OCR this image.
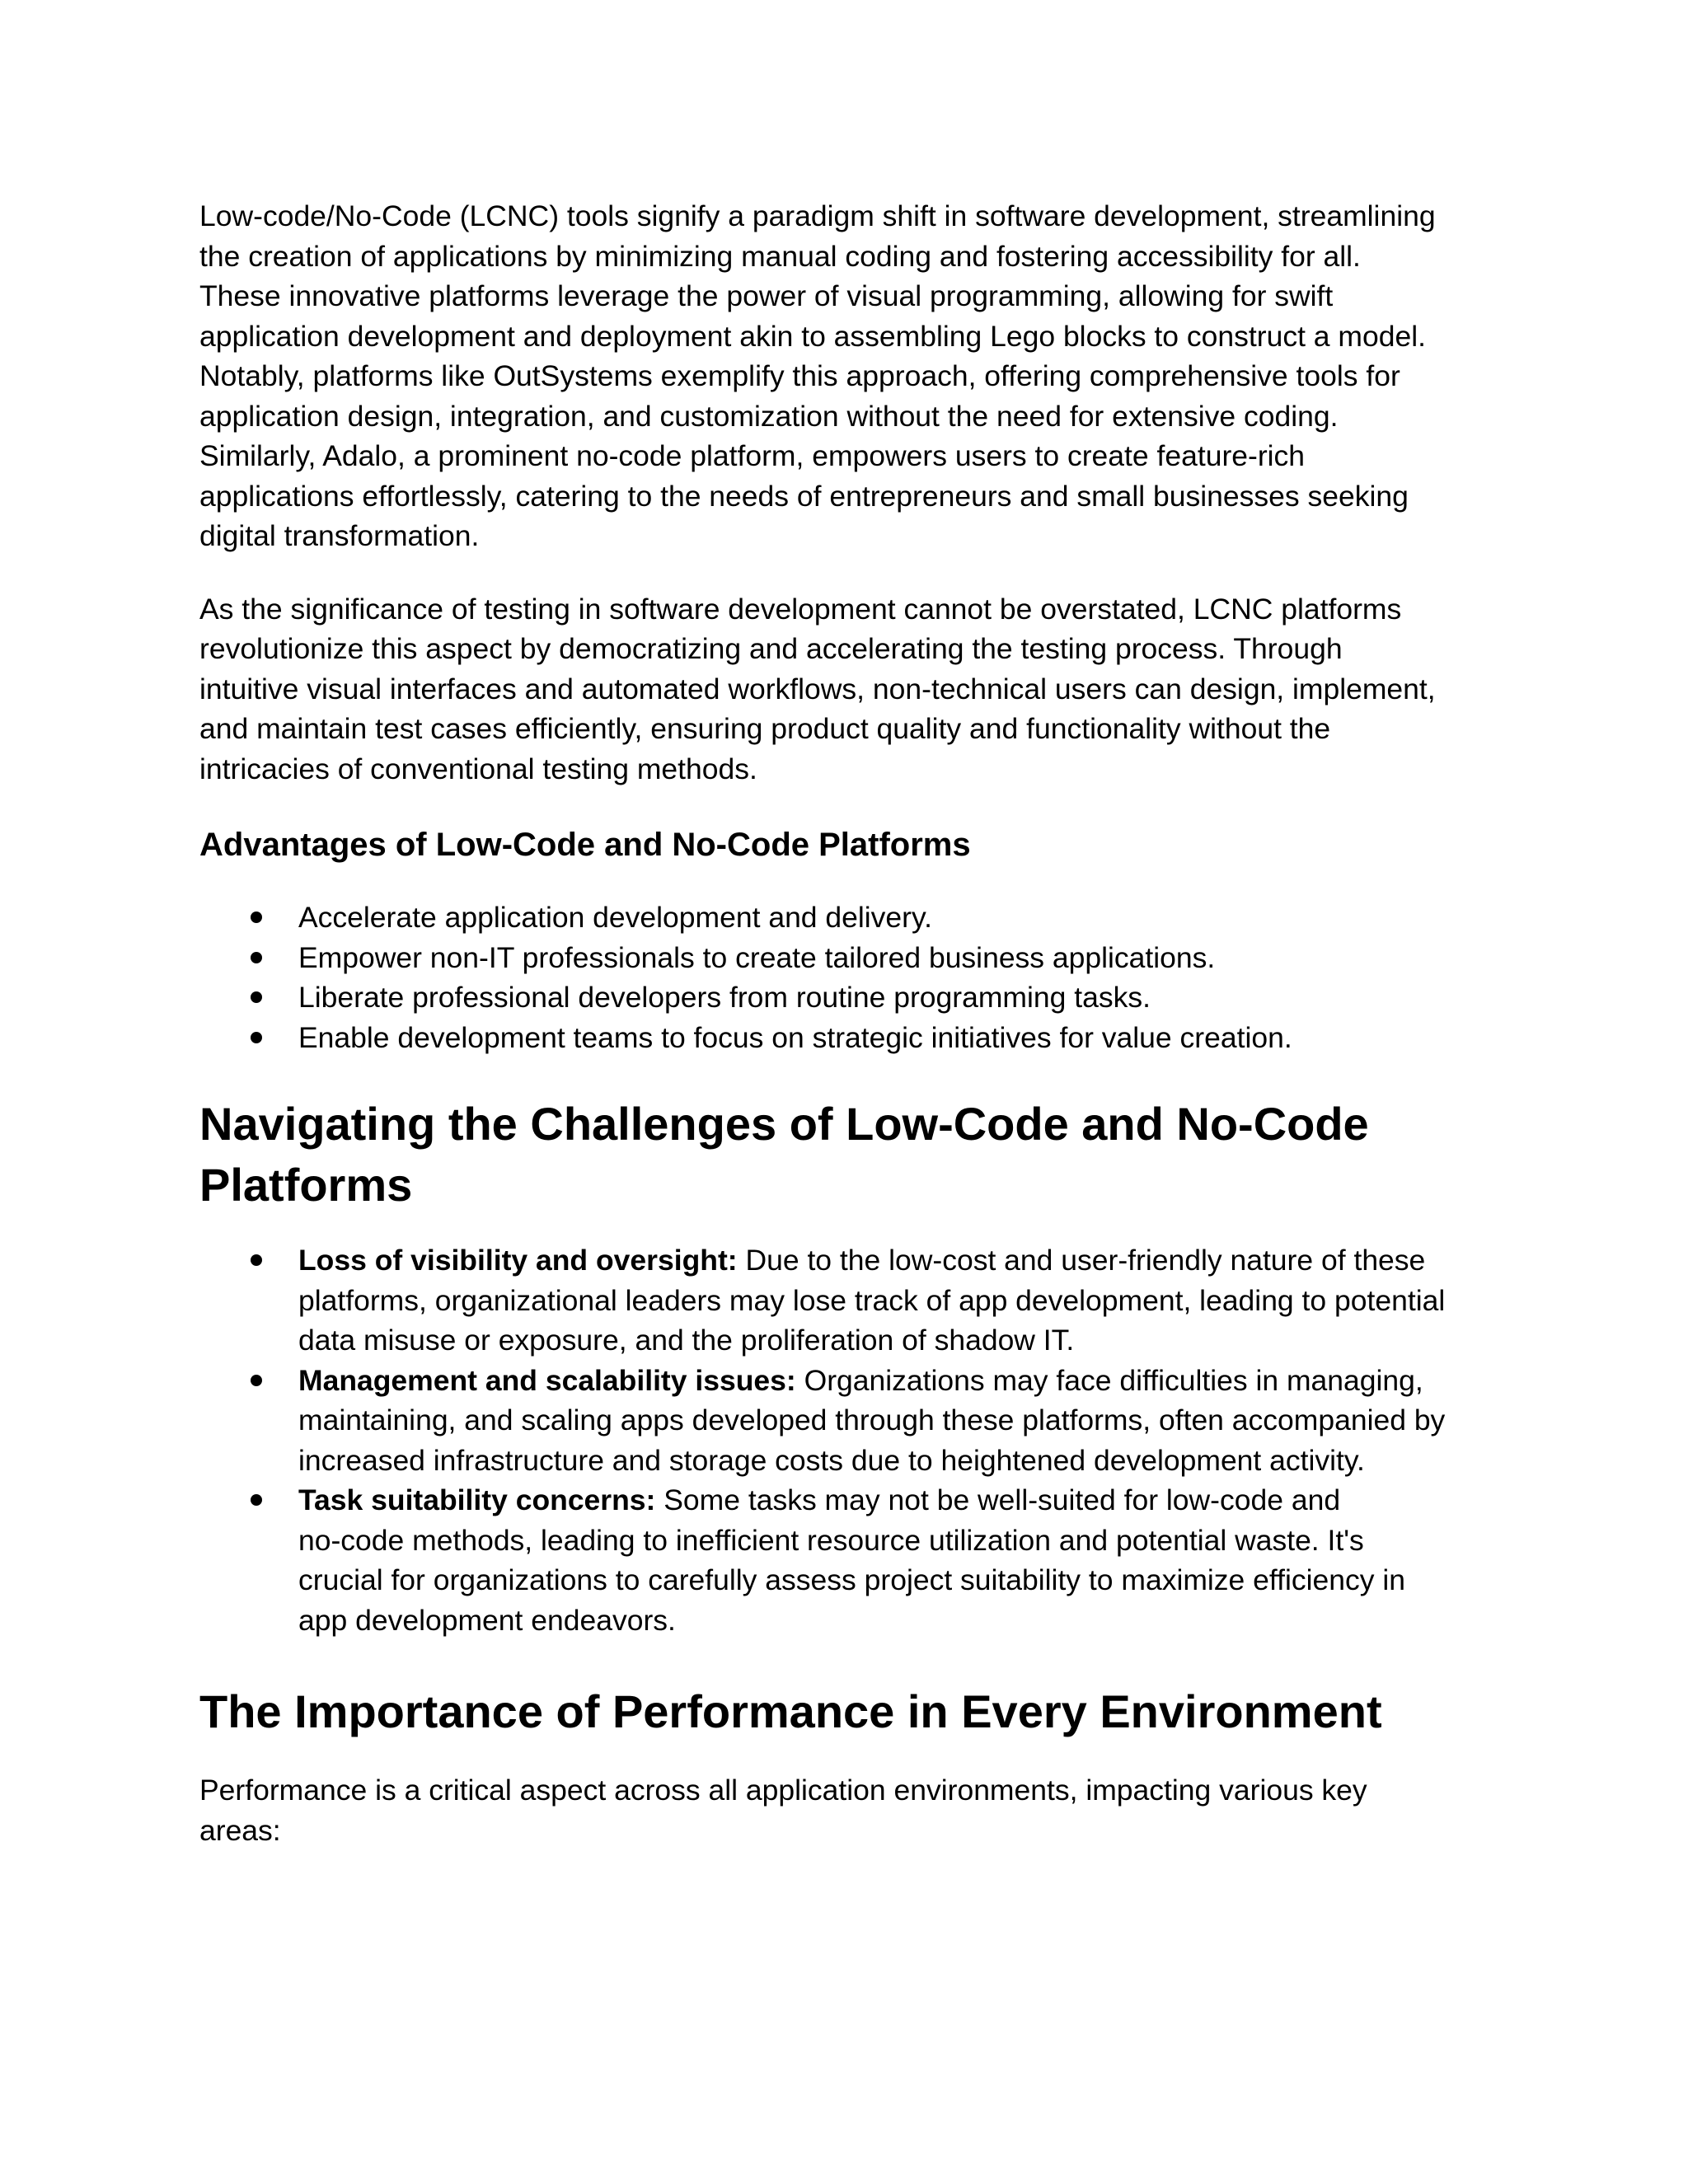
Low-code/No-Code (LCNC) tools signify a paradigm shift in software development, streamlining
the creation of applications by minimizing manual coding and fostering accessibility for all.
These innovative platforms leverage the power of visual programming, allowing for swift
application development and deployment akin to assembling Lego blocks to construct a model.
Notably, platforms like OutSystems exemplify this approach, offering comprehensive tools for
application design, integration, and customization without the need for extensive coding.
Similarly, Adalo, a prominent no-code platform, empowers users to create feature-rich
applications effortlessly, catering to the needs of entrepreneurs and small businesses seeking
digital transformation.

As the significance of testing in software development cannot be overstated, LCNC platforms
revolutionize this aspect by democratizing and accelerating the testing process. Through
intuitive visual interfaces and automated workflows, non-technical users can design, implement,
and maintain test cases efficiently, ensuring product quality and functionality without the
intricacies of conventional testing methods.

Advantages of Low-Code and No-Code Platforms
Accelerate application development and delivery.
Empower non-IT professionals to create tailored business applications.
Liberate professional developers from routine programming tasks.
Enable development teams to focus on strategic initiatives for value creation.
Navigating the Challenges of Low-Code and No-Code
Platforms
Loss of visibility and oversight: Due to the low-cost and user-friendly nature of these
platforms, organizational leaders may lose track of app development, leading to potential
data misuse or exposure, and the proliferation of shadow IT.
Management and scalability issues: Organizations may face difficulties in managing,
maintaining, and scaling apps developed through these platforms, often accompanied by
increased infrastructure and storage costs due to heightened development activity.
Task suitability concerns: Some tasks may not be well-suited for low-code and
no-code methods, leading to inefficient resource utilization and potential waste. It's
crucial for organizations to carefully assess project suitability to maximize efficiency in
app development endeavors.
The Importance of Performance in Every Environment

Performance is a critical aspect across all application environments, impacting various key
areas:
